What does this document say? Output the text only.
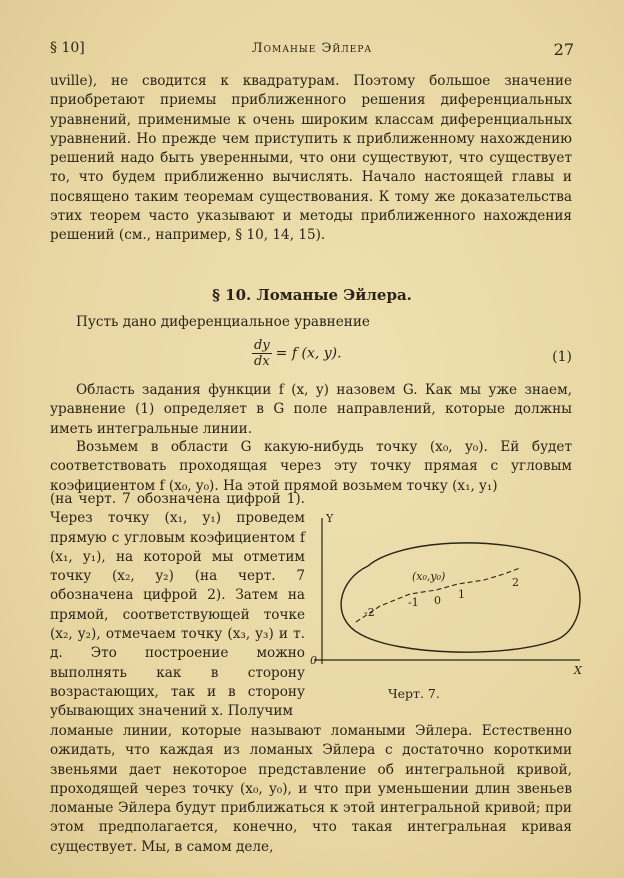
§ 10]	Ломаные Эйлера	27

uville), не сводится к квадратурам. Поэтому большое значение приобретают приемы приближенного решения диференциальных уравнений, применимые к очень широким классам диференциальных уравнений. Но прежде чем приступить к приближенному нахождению решений надо быть уверенными, что они существуют, что существует то, что будем приближенно вычислять. Начало настоящей главы и посвящено таким теоремам существования. К тому же доказательства этих теорем часто указывают и методы приближенного нахождения решений (см., например, § 10, 14, 15).

§ 10. Ломаные Эйлера.

Пусть дано диференциальное уравнение

$\frac{dy}{dx} = f$ (x, y).	(1)

Область задания функции f (x, y) назовем G. Как мы уже знаем, уравнение (1) определяет в G поле направлений, которые должны иметь интегральные линии.

Возьмем в области G какую-нибудь точку (x₀, y₀). Ей будет соответствовать проходящая через эту точку прямая с угловым коэфициентом f (x₀, y₀). На этой прямой возьмем точку (x₁, y₁)

(на черт. 7 обозначена цифрой 1). Через точку (x₁, y₁) проведем прямую с угловым коэфициентом f (x₁, y₁), на которой мы отметим точку (x₂, y₂) (на черт. 7 обозначена цифрой 2). Затем на прямой, соответствующей точке (x₂, y₂), отмечаем точку (x₃, y₃) и т. д. Это построение можно выполнять как в сторону возрастающих, так и в сторону убывающих значений x. Получим

Y
X
0
(x₀,y₀)
-2
-1 0 1
2
Черт. 7.

ломаные линии, которые называют ломаными Эйлера. Естественно ожидать, что каждая из ломаных Эйлера с достаточно короткими звеньями дает некоторое представление об интегральной кривой, проходящей через точку (x₀, y₀), и что при уменьшении длин звеньев ломаные Эйлера будут приближаться к этой интегральной кривой; при этом предполагается, конечно, что такая интегральная кривая существует. Мы, в самом деле,
